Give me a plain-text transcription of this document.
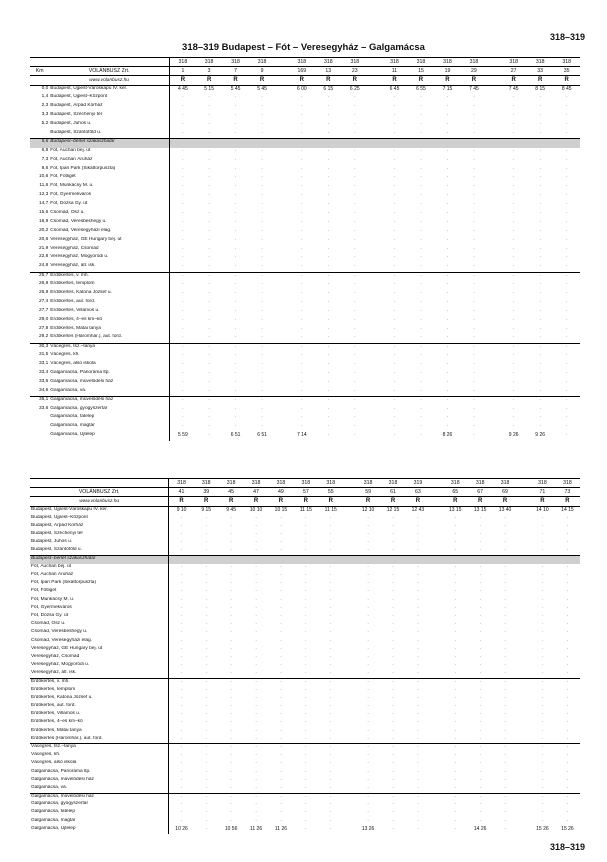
318–319
318–319 Budapest – Fót – Veresegyház – Galgamácsa
		318	318	318	318		318	318	318		318	318	318	318		318	318	318
Km	VOLÁNBUSZ Zrt.	1	3	7	9		169	13	23		11	15	19	29		27	33	35
	www.volanbusz.hu	R	R	R	R		R	R	R		R	R	R	R		R	R	R
0,0	Budapest, Újpest-Városkapu IV. ker.	4 45	5 15	5 45	5 45		6 00	6 15	6 25		6 45	6 55	7 15	7 45		7 45	8 15	8 45
1,4	Budapest, Újpest–Központ	·	·	·	·		·	·	·		·	·	·	·		·	·	·
2,3	Budapest, Árpád Kórház	·	·	·	·		·	·	·		·	·	·	·		·	·	·
3,3	Budapest, Széchenyi tér	·	·	·	·		·	·	·		·	·	·	·		·	·	·
5,2	Budapest, Juhos u.	·	·	·	·		·	·	·		·	·	·	·		·	·	·
	Budapest, Szántóföld u.	·	·	·	·		·	·	·		·	·	·	·		·	·	·
5,6	Budapest–bérlet szakaszhatár																	
6,8	Fót, Auchan bej. út	·	·	·	·		·	·	·		·	·	·	·		·	·	·
7,3	Fót, Auchan Áruház	·	·	·	·		·	·	·		·	·	·	·		·	·	·
8,6	Fót, Ipari Park (Sikáttorpuszta)	·	·	·	·		·	·	·		·	·	·	·		·	·	·
10,6	Fót, Fótliget	·	·	·	·		·	·	·		·	·	·	·		·	·	·
11,6	Fót, Munkácsy M. u.	·	·	·	·		·	·	·		·	·	·	·		·	·	·
12,3	Fót, Gyermekváros	·	·	·	·		·	·	·		·	·	·	·		·	·	·
14,7	Fót, Dózsa Gy. út	·	·	·	·		·	·	·		·	·	·	·		·	·	·
15,6	Csomád, Ösz u.	·	·	·	·		·	·	·		·	·	·	·		·	·	·
16,9	Csomád, Veresbeshegy u.	·	·	·	·		·	·	·		·	·	·	·		·	·	·
20,2	Csomád, Veresegyházi elág.	·	·	·	·		·	·	·		·	·	·	·		·	·	·
20,6	Veresegyház, GE Hungary bej. út	·	·	·	·		·	·	·		·	·	·	·		·	·	·
21,9	Veresegyház, Csomád	·	·	·	·		·	·	·		·	·	·	·		·	·	·
22,8	Veresegyház, Mogyoródi u.	·	·	·	·		·	·	·		·	·	·	·		·	·	·
24,8	Veresegyház, átl. isk.	·	·	·	·		·	·	·		·	·	·	·		·	·	·
25,7	Erdőkertes, v. mh.	·	·	·	·		·	·	·		·	·	·	·		·	·	·
26,8	Erdőkertes, templom	·	·	·	·		·	·	·		·	·	·	·		·	·	·
26,9	Erdőkertes, Katona József u.	·	·	·	·		·	·	·		·	·	·	·		·	·	·
27,4	Erdőkertes, aut. ford.	·	·	·	·		·	·	·		·	·	·	·		·	·	·
27,7	Erdőkertes, Villamos u.	·	·	·	·		·	·	·		·	·	·	·		·	·	·
29,0	Erdőkertes, 4–es km–kő	·	·	·	·		·	·	·		·	·	·	·		·	·	·
27,8	Erdőkertes, Mátai tanya	·	·	·	·		·	·	·		·	·	·	·		·	·	·
29,2	Erdőkertes (Háromhár.), aut. ford.	·	·	·	·		·	·	·		·	·	·	·		·	·	·
30,3	Vácegres, tsz.–tanya	·	·	·	·		·	·	·		·	·	·	·		·	·	·
31,5	Vácegres, kh.	·	·	·	·		·	·	·		·	·	·	·		·	·	·
33,1	Vácegres, alsó iskola	·	·	·	·		·	·	·		·	·	·	·		·	·	·
33,4	Galgamácsa, Panoráma ltp.	·	·	·	·		·	·	·		·	·	·	·		·	·	·
33,6	Galgamácsa, művelődési ház	·	·	·	·		·	·	·		·	·	·	·		·	·	·
34,6	Galgamácsa, vá.	·	·	·	·		·	·	·		·	·	·	·		·	·	·
35,1	Galgamácsa, művelődési ház	·	·	·	·		·	·	·		·	·	·	·		·	·	·
33,6	Galgamácsa, gyógyszertár	·	·	·	·		·	·	·		·	·	·	·		·	·	·
	Galgamácsa, fatelep	·	·	·	·		·	·	·		·	·	·	·		·	·	·
	Galgamácsa, magtár	·	·	·	·		·	·	·		·	·	·	·		·	·	·
	Galgamácsa, Újtelep	5 59	·	6 51	6 51		7 14	·	·		·	·	8 26	·		9 26	9 26	·
	318	318	318	318	318	318	318		318	318	319		318	318	318		318	318
VOLÁNBUSZ Zrt.	41	39	45	47	49	57	55		59	61	63		65	67	69		71	73
www.volanbusz.hu	R	R	R	R	R	R	R		R	R	R		R	R	R		R	R
Budapest, Újpest-Városkapu IV. ker.	9 10	9 15	9 45	10 10	10 15	11 15	11 15		12 10	12 15	12 43		13 15	13 15	13 40		14 10	14 15
Budapest, Újpest–Központ	·	·	·	·	·	·	·		·	·	·		·	·	·		·	·
Budapest, Árpád Kórház	·	·	·	·	·	·	·		·	·	·		·	·	·		·	·
Budapest, Széchenyi tér	·	·	·	·	·	·	·		·	·	·		·	·	·		·	·
Budapest, Juhos u.	·	·	·	·	·	·	·		·	·	·		·	·	·		·	·
Budapest, Szántóföld u.	·	·	·	·	·	·	·		·	·	·		·	·	·		·	·
Budapest–bérlet szakaszhatár																		
Fót, Auchan bej. út	·	·	·	·	·	·	·		·	·	·		·	·	·		·	·
Fót, Auchan Áruház	·	·	·	·	·	·	·		·	·	·		·	·	·		·	·
Fót, Ipari Park (Sikáttorpuszta)	·	·	·	·	·	·	·		·	·	·		·	·	·		·	·
Fót, Fótliget	·	·	·	·	·	·	·		·	·	·		·	·	·		·	·
Fót, Munkácsy M. u.	·	·	·	·	·	·	·		·	·	·		·	·	·		·	·
Fót, Gyermekváros	·	·	·	·	·	·	·		·	·	·		·	·	·		·	·
Fót, Dózsa Gy. út	·	·	·	·	·	·	·		·	·	·		·	·	·		·	·
Csomád, Ösz u.	·	·	·	·	·	·	·		·	·	·		·	·	·		·	·
Csomád, Veresbeshegy u.	·	·	·	·	·	·	·		·	·	·		·	·	·		·	·
Csomád, Veresegyházi elág.	·	·	·	·	·	·	·		·	·	·		·	·	·		·	·
Veresegyház, GE Hungary bej. út	·	·	·	·	·	·	·		·	·	·		·	·	·		·	·
Veresegyház, Csomád	·	·	·	·	·	·	·		·	·	·		·	·	·		·	·
Veresegyház, Mogyoródi u.	·	·	·	·	·	·	·		·	·	·		·	·	·		·	·
Veresegyház, átl. isk.	·	·	·	·	·	·	·		·	·	·		·	·	·		·	·
Erdőkertes, v. mh.	·	·	·	·	·	·	·		·	·	·		·	·	·		·	·
Erdőkertes, templom	·	·	·	·	·	·	·		·	·	·		·	·	·		·	·
Erdőkertes, Katona József u.	·	·	·	·	·	·	·		·	·	·		·	·	·		·	·
Erdőkertes, aut. ford.	·	·	·	·	·	·	·		·	·	·		·	·	·		·	·
Erdőkertes, Villamos u.	·	·	·	·	·	·	·		·	·	·		·	·	·		·	·
Erdőkertes, 4–es km–kő	·	·	·	·	·	·	·		·	·	·		·	·	·		·	·
Erdőkertes, Mátai tanya	·	·	·	·	·	·	·		·	·	·		·	·	·		·	·
Erdőkertes (Háromhár.), aut. ford.	·	·	·	·	·	·	·		·	·	·		·	·	·		·	·
Vácegres, tsz.–tanya	·	·	·	·	·	·	·		·	·	·		·	·	·		·	·
Vácegres, kh.	·	·	·	·	·	·	·		·	·	·		·	·	·		·	·
Vácegres, alsó iskola	·	·	·	·	·	·	·		·	·	·		·	·	·		·	·
Galgamácsa, Panoráma ltp.	·	·	·	·	·	·	·		·	·	·		·	·	·		·	·
Galgamácsa, művelődési ház	·	·	·	·	·	·	·		·	·	·		·	·	·		·	·
Galgamácsa, vá.	·	·	·	·	·	·	·		·	·	·		·	·	·		·	·
Galgamácsa, művelődési ház	·	·	·	·	·	·	·		·	·	·		·	·	·		·	·
Galgamácsa, gyógyszertár	·	·	·	·	·	·	·		·	·	·		·	·	·		·	·
Galgamácsa, fatelep	·	·	·	·	·	·	·		·	·	·		·	·	·		·	·
Galgamácsa, magtár	·	·	·	·	·	·	·		·	·	·		·	·	·		·	·
Galgamácsa, Újtelep	10 26	·	10 56	11 26	11 26	·	·		13 26	·	·		·	14 26	·		15 26	15 26
318–319
